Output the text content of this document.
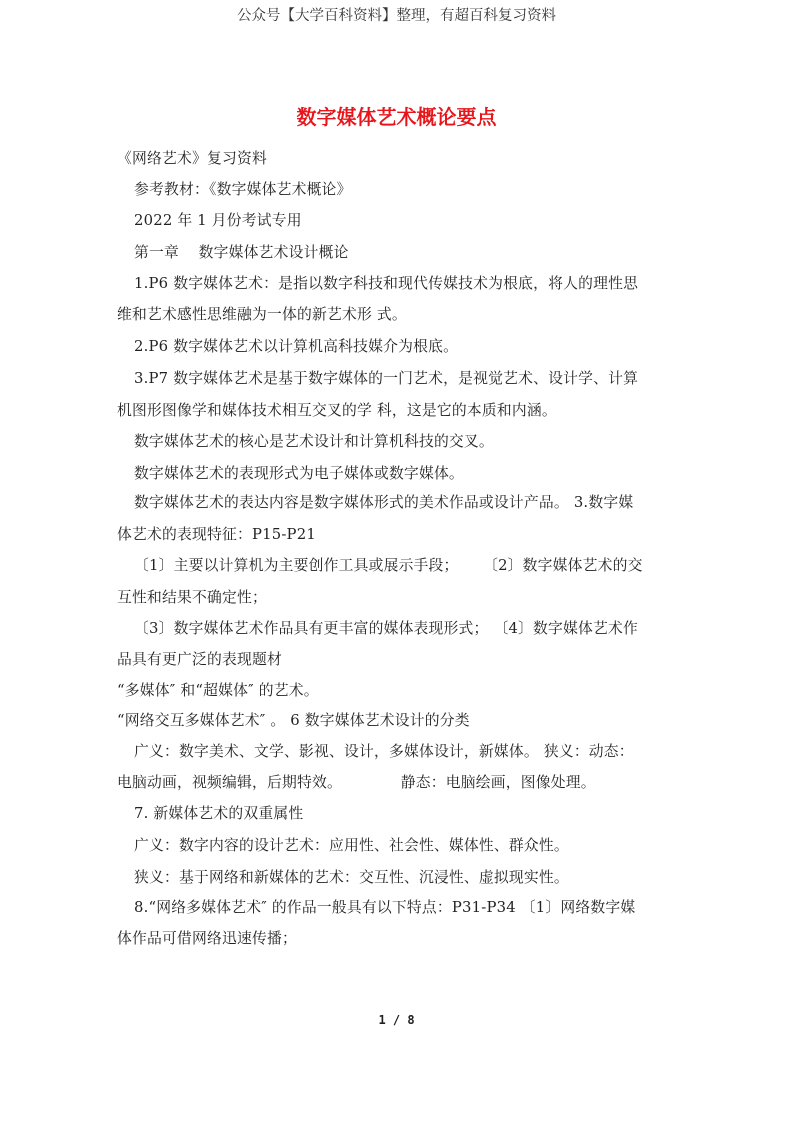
公众号【大学百科资料】整理，有超百科复习资料
数字媒体艺术概论要点
《网络艺术》复习资料
参考教材：《数字媒体艺术概论》
2022 年 1 月份考试专用
第一章    数字媒体艺术设计概论
1.P6 数字媒体艺术：是指以数字科技和现代传媒技术为根底，将人的理性思
维和艺术感性思维融为一体的新艺术形 式。
2.P6 数字媒体艺术以计算机高科技媒介为根底。
3.P7 数字媒体艺术是基于数字媒体的一门艺术，是视觉艺术、设计学、计算
机图形图像学和媒体技术相互交叉的学 科，这是它的本质和内涵。
数字媒体艺术的核心是艺术设计和计算机科技的交叉。
数字媒体艺术的表现形式为电子媒体或数字媒体。
数字媒体艺术的表达内容是数字媒体形式的美术作品或设计产品。 3.数字媒
体艺术的表现特征：P15-P21
〔1〕主要以计算机为主要创作工具或展示手段；     〔2〕数字媒体艺术的交
互性和结果不确定性；
〔3〕数字媒体艺术作品具有更丰富的媒体表现形式； 〔4〕数字媒体艺术作
品具有更广泛的表现题材
“多媒体″ 和“超媒体″ 的艺术。
“网络交互多媒体艺术″ 。 6 数字媒体艺术设计的分类
广义：数字美术、文学、影视、设计，多媒体设计，新媒体。 狭义：动态：
电脑动画，视频编辑，后期特效。            静态：电脑绘画，图像处理。
7. 新媒体艺术的双重属性
广义：数字内容的设计艺术：应用性、社会性、媒体性、群众性。
狭义：基于网络和新媒体的艺术：交互性、沉浸性、虚拟现实性。
8.“网络多媒体艺术″ 的作品一般具有以下特点：P31-P34 〔1〕网络数字媒
体作品可借网络迅速传播；
1 / 8
